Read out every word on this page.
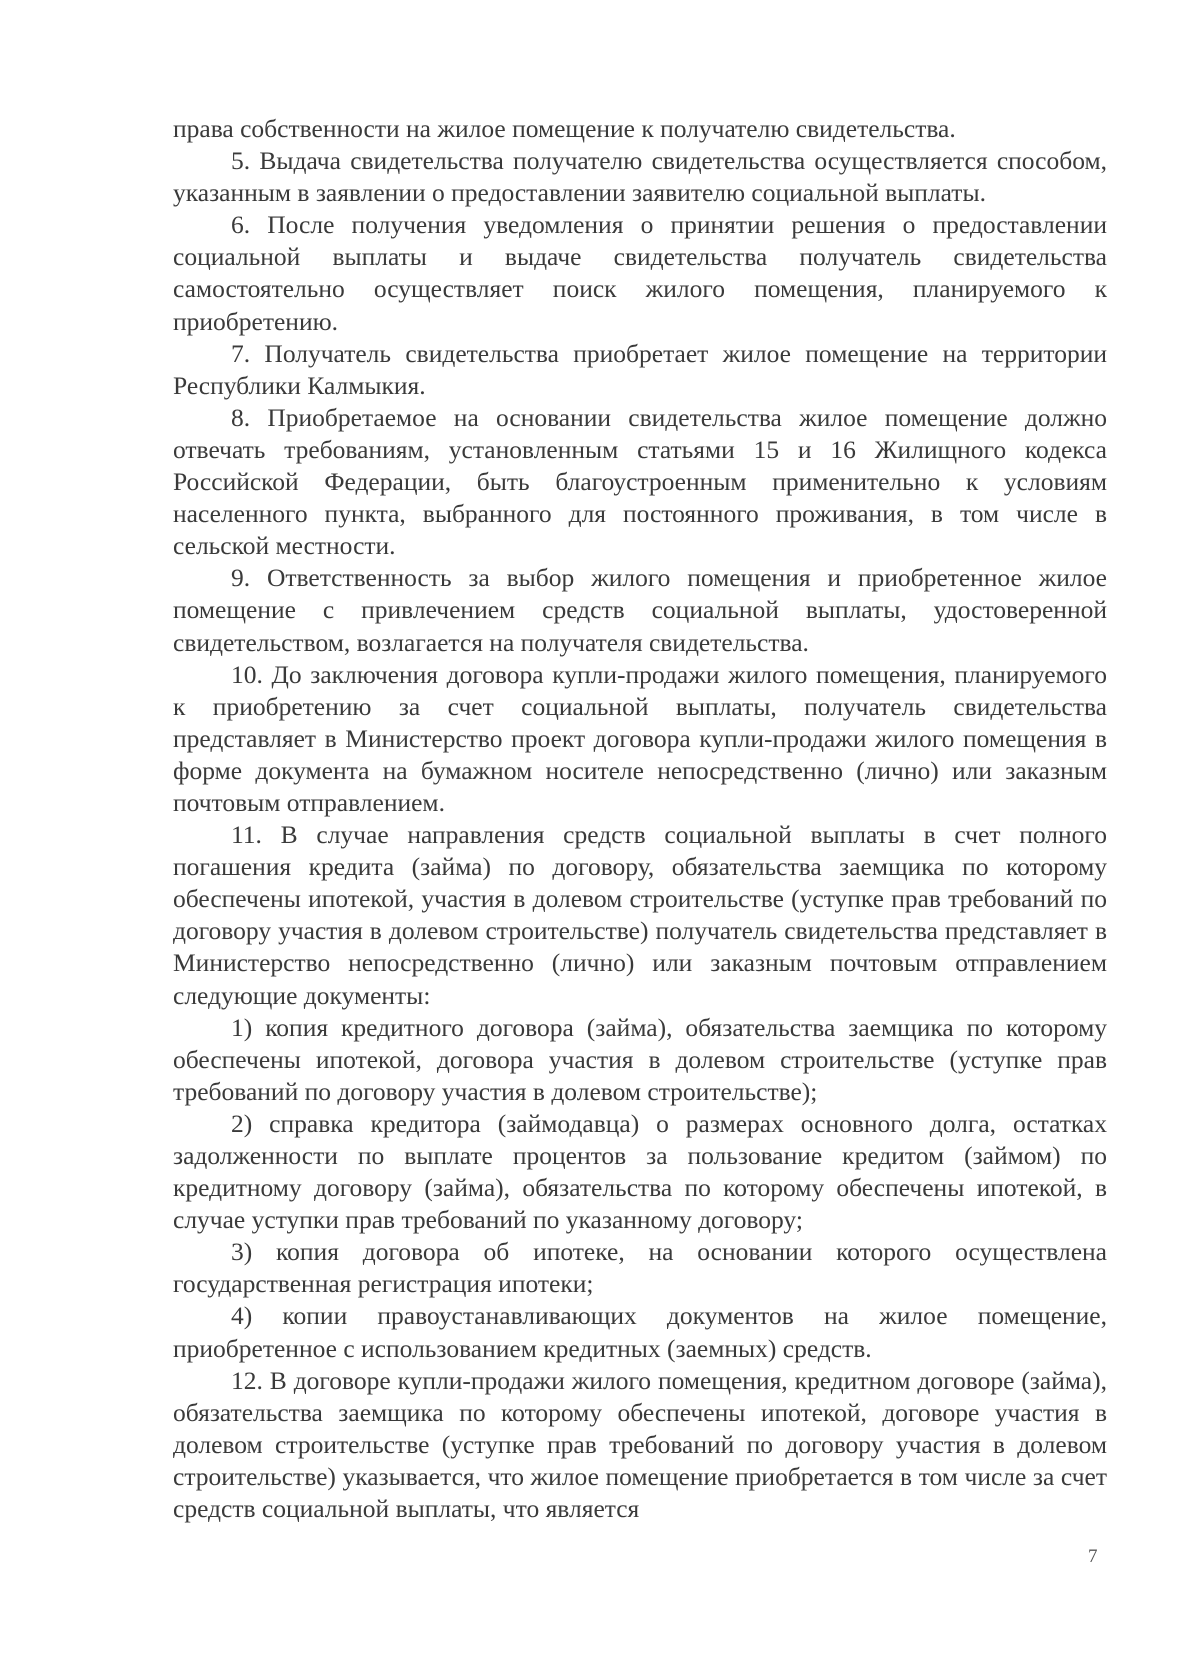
права собственности на жилое помещение к получателю свидетельства.

5. Выдача свидетельства получателю свидетельства осуществляется способом, указанным в заявлении о предоставлении заявителю социальной выплаты.

6. После получения уведомления о принятии решения о предоставлении социальной выплаты и выдаче свидетельства получатель свидетельства самостоятельно осуществляет поиск жилого помещения, планируемого к приобретению.

7. Получатель свидетельства приобретает жилое помещение на территории Республики Калмыкия.

8. Приобретаемое на основании свидетельства жилое помещение должно отвечать требованиям, установленным статьями 15 и 16 Жилищного кодекса Российской Федерации, быть благоустроенным применительно к условиям населенного пункта, выбранного для постоянного проживания, в том числе в сельской местности.

9. Ответственность за выбор жилого помещения и приобретенное жилое помещение с привлечением средств социальной выплаты, удостоверенной свидетельством, возлагается на получателя свидетельства.

10. До заключения договора купли-продажи жилого помещения, планируемого к приобретению за счет социальной выплаты, получатель свидетельства представляет в Министерство проект договора купли-продажи жилого помещения в форме документа на бумажном носителе непосредственно (лично) или заказным почтовым отправлением.

11. В случае направления средств социальной выплаты в счет полного погашения кредита (займа) по договору, обязательства заемщика по которому обеспечены ипотекой, участия в долевом строительстве (уступке прав требований по договору участия в долевом строительстве) получатель свидетельства представляет в Министерство непосредственно (лично) или заказным почтовым отправлением следующие документы:

1) копия кредитного договора (займа), обязательства заемщика по которому обеспечены ипотекой, договора участия в долевом строительстве (уступке прав требований по договору участия в долевом строительстве);

2) справка кредитора (займодавца) о размерах основного долга, остатках задолженности по выплате процентов за пользование кредитом (займом) по кредитному договору (займа), обязательства по которому обеспечены ипотекой, в случае уступки прав требований по указанному договору;

3) копия договора об ипотеке, на основании которого осуществлена государственная регистрация ипотеки;

4) копии правоустанавливающих документов на жилое помещение, приобретенное с использованием кредитных (заемных) средств.

12. В договоре купли-продажи жилого помещения, кредитном договоре (займа), обязательства заемщика по которому обеспечены ипотекой, договоре участия в долевом строительстве (уступке прав требований по договору участия в долевом строительстве) указывается, что жилое помещение приобретается в том числе за счет средств социальной выплаты, что является

7
